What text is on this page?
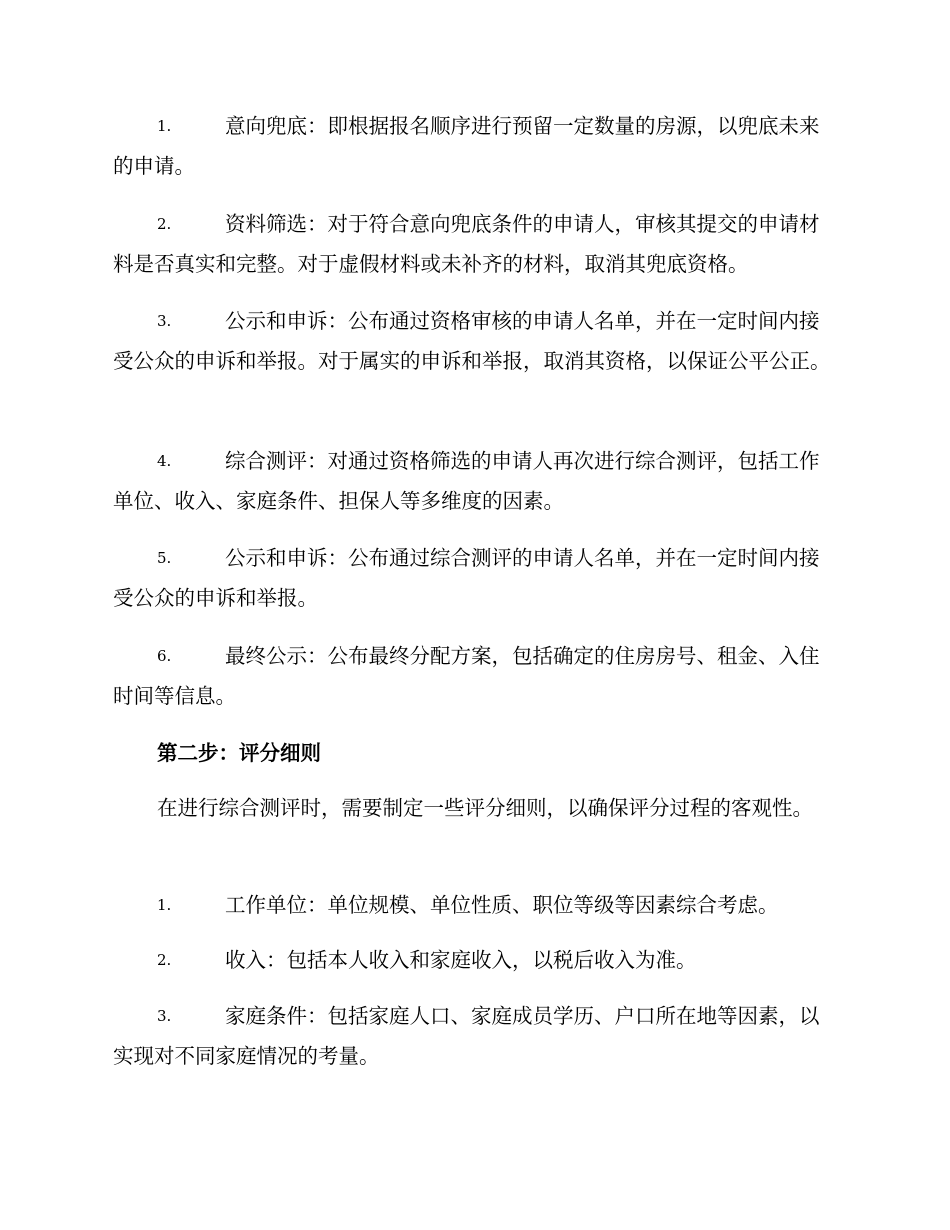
1.	意向兜底：即根据报名顺序进行预留一定数量的房源，以兜底未来的申请。
2.	资料筛选：对于符合意向兜底条件的申请人，审核其提交的申请材料是否真实和完整。对于虚假材料或未补齐的材料，取消其兜底资格。
3.	公示和申诉：公布通过资格审核的申请人名单，并在一定时间内接受公众的申诉和举报。对于属实的申诉和举报，取消其资格，以保证公平公正。
4.	综合测评：对通过资格筛选的申请人再次进行综合测评，包括工作单位、收入、家庭条件、担保人等多维度的因素。
5.	公示和申诉：公布通过综合测评的申请人名单，并在一定时间内接受公众的申诉和举报。
6.	最终公示：公布最终分配方案，包括确定的住房房号、租金、入住时间等信息。
第二步：评分细则
在进行综合测评时，需要制定一些评分细则，以确保评分过程的客观性。
1.	工作单位：单位规模、单位性质、职位等级等因素综合考虑。
2.	收入：包括本人收入和家庭收入，以税后收入为准。
3.	家庭条件：包括家庭人口、家庭成员学历、户口所在地等因素，以实现对不同家庭情况的考量。
